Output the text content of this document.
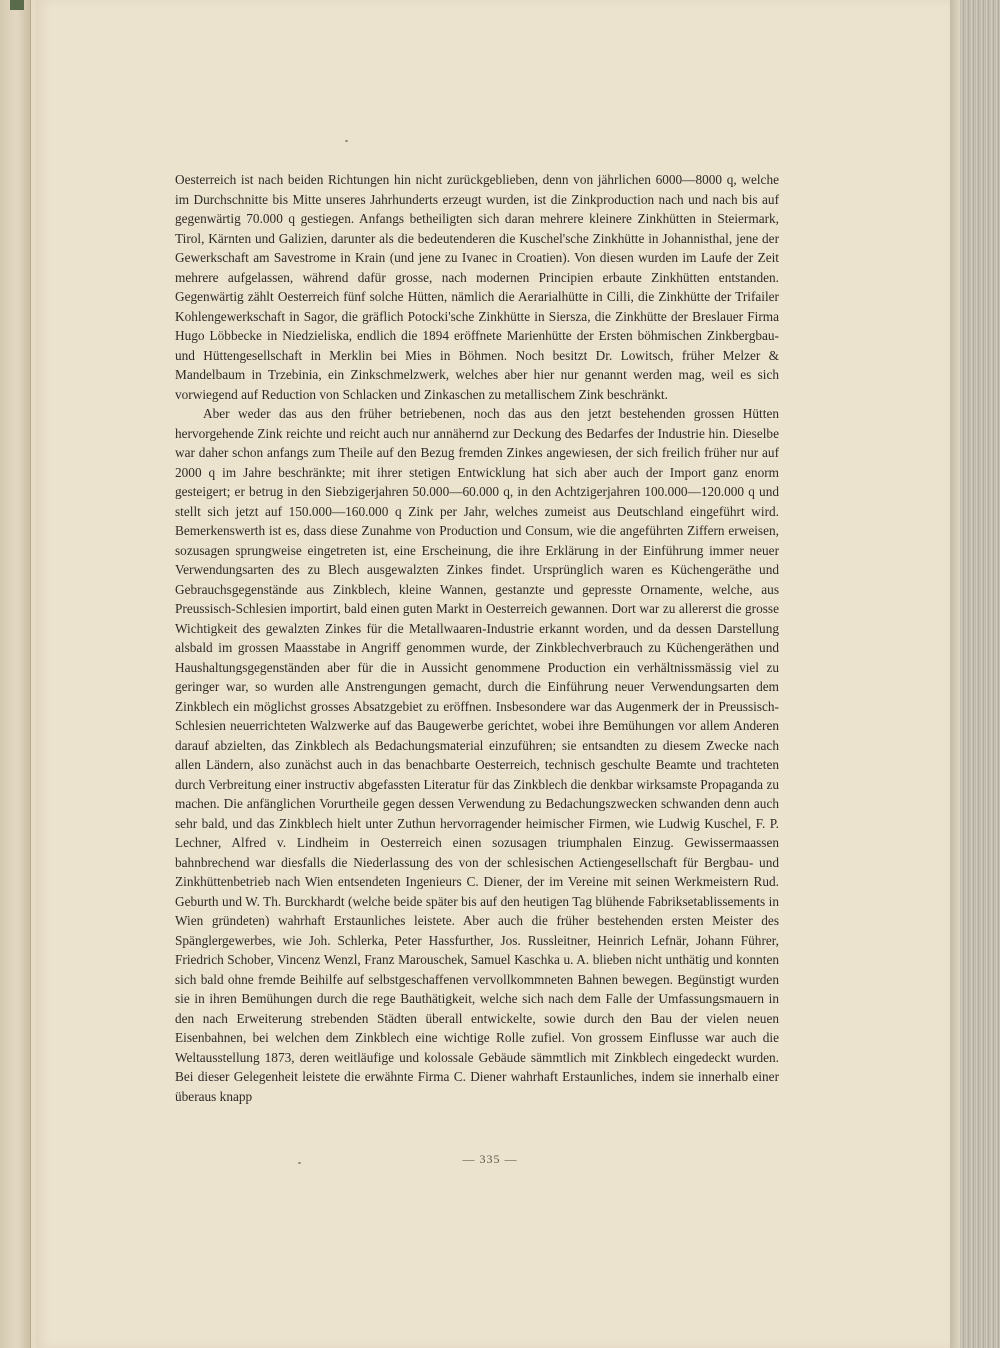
Oesterreich ist nach beiden Richtungen hin nicht zurückgeblieben, denn von jährlichen 6000—8000 q, welche im Durchschnitte bis Mitte unseres Jahrhunderts erzeugt wurden, ist die Zinkproduction nach und nach bis auf gegenwärtig 70.000 q gestiegen. Anfangs betheiligten sich daran mehrere kleinere Zinkhütten in Steiermark, Tirol, Kärnten und Galizien, darunter als die bedeutenderen die Kuschel'sche Zinkhütte in Johannisthal, jene der Gewerkschaft am Savestrome in Krain (und jene zu Ivanec in Croatien). Von diesen wurden im Laufe der Zeit mehrere aufgelassen, während dafür grosse, nach modernen Principien erbaute Zinkhütten entstanden. Gegenwärtig zählt Oesterreich fünf solche Hütten, nämlich die Aerarialhütte in Cilli, die Zinkhütte der Trifailer Kohlengewerkschaft in Sagor, die gräflich Potocki'sche Zinkhütte in Siersza, die Zinkhütte der Breslauer Firma Hugo Löbbecke in Niedzieliska, endlich die 1894 eröffnete Marienhütte der Ersten böhmischen Zinkbergbau- und Hüttengesellschaft in Merklin bei Mies in Böhmen. Noch besitzt Dr. Lowitsch, früher Melzer & Mandelbaum in Trzebinia, ein Zinkschmelzwerk, welches aber hier nur genannt werden mag, weil es sich vorwiegend auf Reduction von Schlacken und Zinkaschen zu metallischem Zink beschränkt.

Aber weder das aus den früher betriebenen, noch das aus den jetzt bestehenden grossen Hütten hervorgehende Zink reichte und reicht auch nur annähernd zur Deckung des Bedarfes der Industrie hin. Dieselbe war daher schon anfangs zum Theile auf den Bezug fremden Zinkes angewiesen, der sich freilich früher nur auf 2000 q im Jahre beschränkte; mit ihrer stetigen Entwicklung hat sich aber auch der Import ganz enorm gesteigert; er betrug in den Siebzigerjahren 50.000—60.000 q, in den Achtzigerjahren 100.000—120.000 q und stellt sich jetzt auf 150.000—160.000 q Zink per Jahr, welches zumeist aus Deutschland eingeführt wird. Bemerkenswerth ist es, dass diese Zunahme von Production und Consum, wie die angeführten Ziffern erweisen, sozusagen sprungweise eingetreten ist, eine Erscheinung, die ihre Erklärung in der Einführung immer neuer Verwendungsarten des zu Blech ausgewalzten Zinkes findet. Ursprünglich waren es Küchengeräthe und Gebrauchsgegenstände aus Zinkblech, kleine Wannen, gestanzte und gepresste Ornamente, welche, aus Preussisch-Schlesien importirt, bald einen guten Markt in Oesterreich gewannen. Dort war zu allererst die grosse Wichtigkeit des gewalzten Zinkes für die Metallwaaren-Industrie erkannt worden, und da dessen Darstellung alsbald im grossen Maasstabe in Angriff genommen wurde, der Zinkblechverbrauch zu Küchengeräthen und Haushaltungsgegenständen aber für die in Aussicht genommene Production ein verhältnissmässig viel zu geringer war, so wurden alle Anstrengungen gemacht, durch die Einführung neuer Verwendungsarten dem Zinkblech ein möglichst grosses Absatzgebiet zu eröffnen. Insbesondere war das Augenmerk der in Preussisch-Schlesien neuerrichteten Walzwerke auf das Baugewerbe gerichtet, wobei ihre Bemühungen vor allem Anderen darauf abzielten, das Zinkblech als Bedachungsmaterial einzuführen; sie entsandten zu diesem Zwecke nach allen Ländern, also zunächst auch in das benachbarte Oesterreich, technisch geschulte Beamte und trachteten durch Verbreitung einer instructiv abgefassten Literatur für das Zinkblech die denkbar wirksamste Propaganda zu machen. Die anfänglichen Vorurtheile gegen dessen Verwendung zu Bedachungszwecken schwanden denn auch sehr bald, und das Zinkblech hielt unter Zuthun hervorragender heimischer Firmen, wie Ludwig Kuschel, F. P. Lechner, Alfred v. Lindheim in Oesterreich einen sozusagen triumphalen Einzug. Gewissermaassen bahnbrechend war diesfalls die Niederlassung des von der schlesischen Actiengesellschaft für Bergbau- und Zinkhüttenbetrieb nach Wien entsendeten Ingenieurs C. Diener, der im Vereine mit seinen Werkmeistern Rud. Geburth und W. Th. Burckhardt (welche beide später bis auf den heutigen Tag blühende Fabriksetablissements in Wien gründeten) wahrhaft Erstaunliches leistete. Aber auch die früher bestehenden ersten Meister des Spänglergewerbes, wie Joh. Schlerka, Peter Hassfurther, Jos. Russleitner, Heinrich Lefnär, Johann Führer, Friedrich Schober, Vincenz Wenzl, Franz Marouschek, Samuel Kaschka u. A. blieben nicht unthätig und konnten sich bald ohne fremde Beihilfe auf selbstgeschaffenen vervollkommneten Bahnen bewegen. Begünstigt wurden sie in ihren Bemühungen durch die rege Bauthätigkeit, welche sich nach dem Falle der Umfassungsmauern in den nach Erweiterung strebenden Städten überall entwickelte, sowie durch den Bau der vielen neuen Eisenbahnen, bei welchen dem Zinkblech eine wichtige Rolle zufiel. Von grossem Einflusse war auch die Weltausstellung 1873, deren weitläufige und kolossale Gebäude sämmtlich mit Zinkblech eingedeckt wurden. Bei dieser Gelegenheit leistete die erwähnte Firma C. Diener wahrhaft Erstaunliches, indem sie innerhalb einer überaus knapp

— 335 —
